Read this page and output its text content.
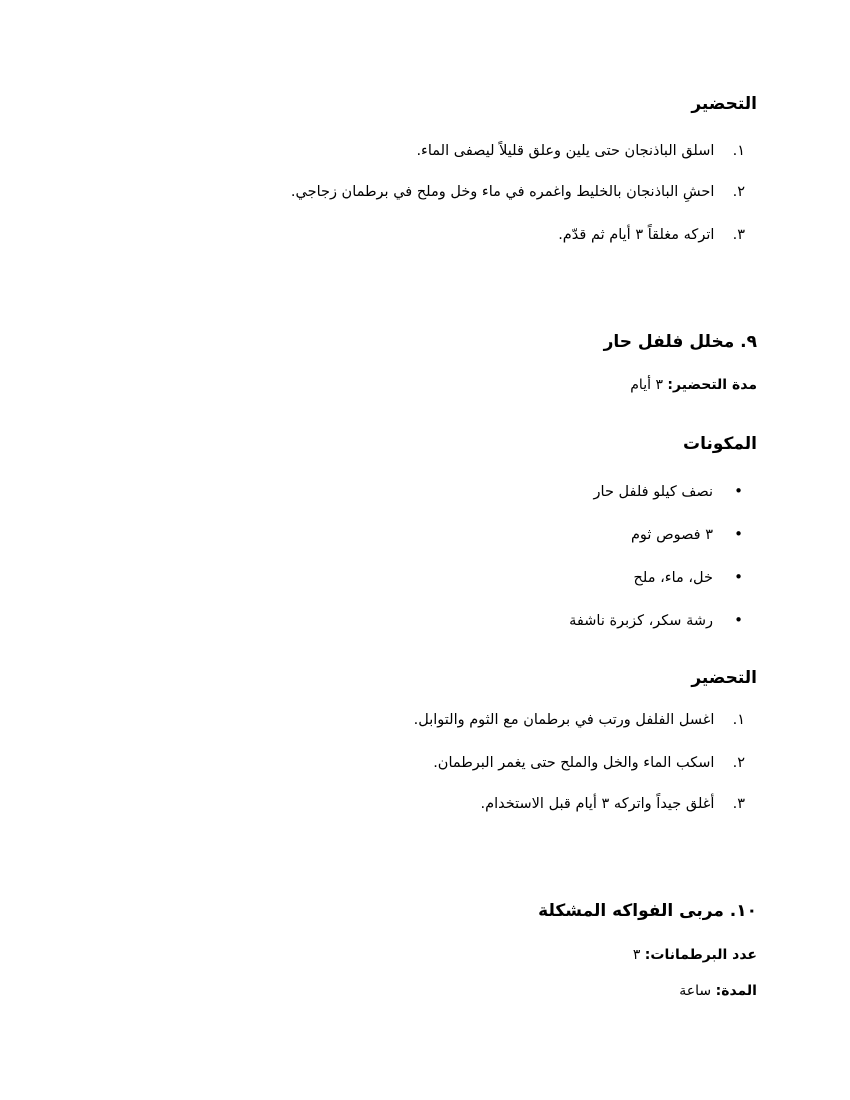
التحضير
١. اسلق الباذنجان حتى يلين وعلق قليلاً ليصفى الماء.
٢. احشِ الباذنجان بالخليط واغمره في ماء وخل وملح في برطمان زجاجي.
٣. اتركه مغلقاً ٣ أيام ثم قدّم.
٩. مخلل فلفل حار
مدة التحضير: ٣ أيام
المكونات
•نصف كيلو فلفل حار
•٣ فصوص ثوم
•خل، ماء، ملح
•رشة سكر، كزبرة ناشفة
التحضير
١. اغسل الفلفل ورتب في برطمان مع الثوم والتوابل.
٢. اسكب الماء والخل والملح حتى يغمر البرطمان.
٣. أغلق جيداً واتركه ٣ أيام قبل الاستخدام.
١٠. مربى الفواكه المشكلة
عدد البرطمانات: ٣
المدة: ساعة
